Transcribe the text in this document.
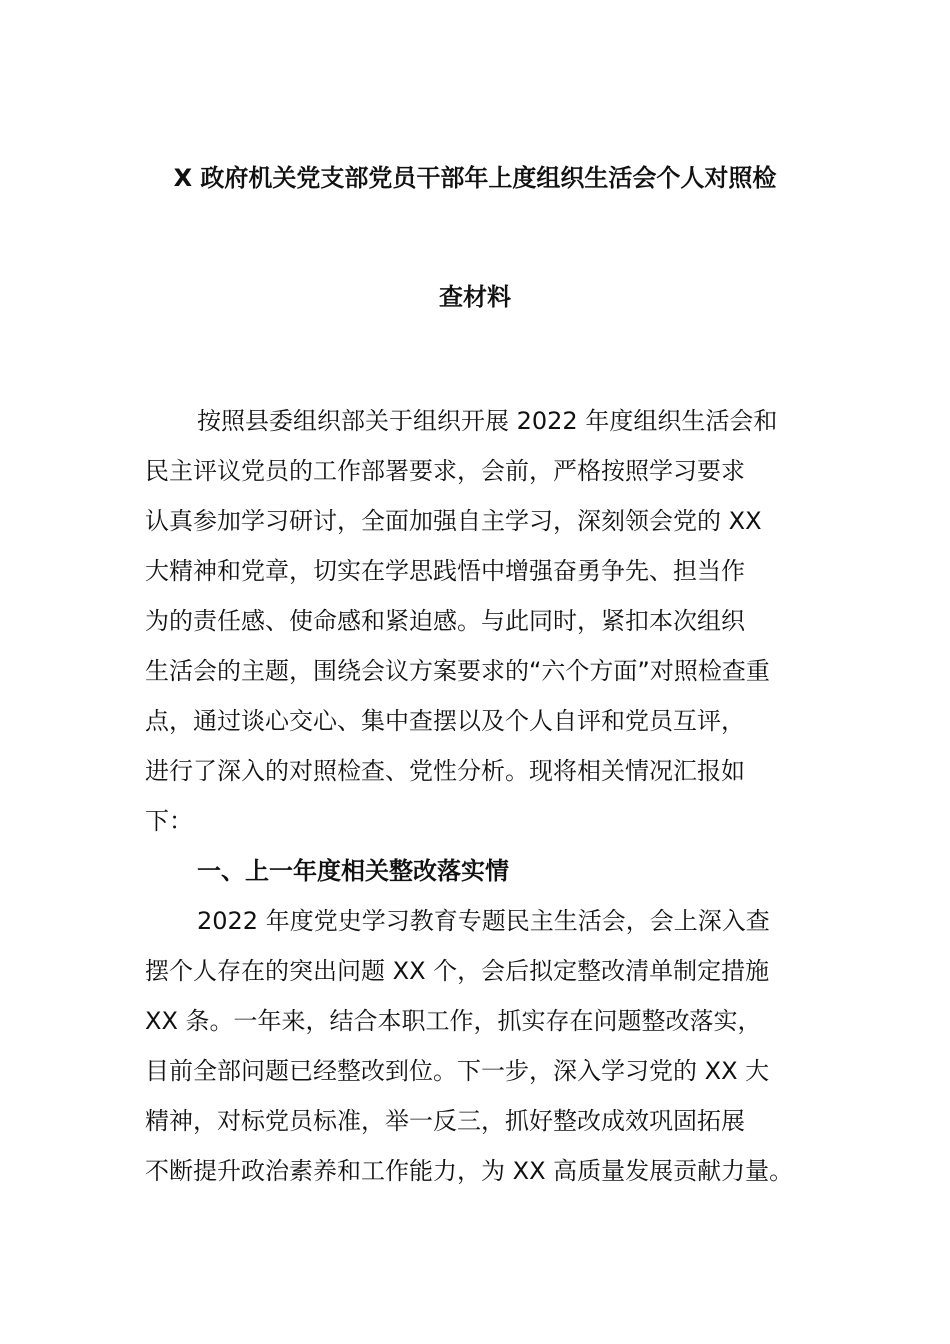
X 政府机关党支部党员干部年上度组织生活会个人对照检
查材料
按照县委组织部关于组织开展 2022 年度组织生活会和
民主评议党员的工作部署要求，会前，严格按照学习要求
认真参加学习研讨，全面加强自主学习，深刻领会党的 XX
大精神和党章，切实在学思践悟中增强奋勇争先、担当作
为的责任感、使命感和紧迫感。与此同时，紧扣本次组织
生活会的主题，围绕会议方案要求的“六个方面”对照检查重
点，通过谈心交心、集中查摆以及个人自评和党员互评，
进行了深入的对照检查、党性分析。现将相关情况汇报如
下：
一、上一年度相关整改落实情
2022 年度党史学习教育专题民主生活会，会上深入查
摆个人存在的突出问题 XX 个，会后拟定整改清单制定措施
XX 条。一年来，结合本职工作，抓实存在问题整改落实，
目前全部问题已经整改到位。下一步，深入学习党的 XX 大
精神，对标党员标准，举一反三，抓好整改成效巩固拓展
不断提升政治素养和工作能力，为 XX 高质量发展贡献力量。
